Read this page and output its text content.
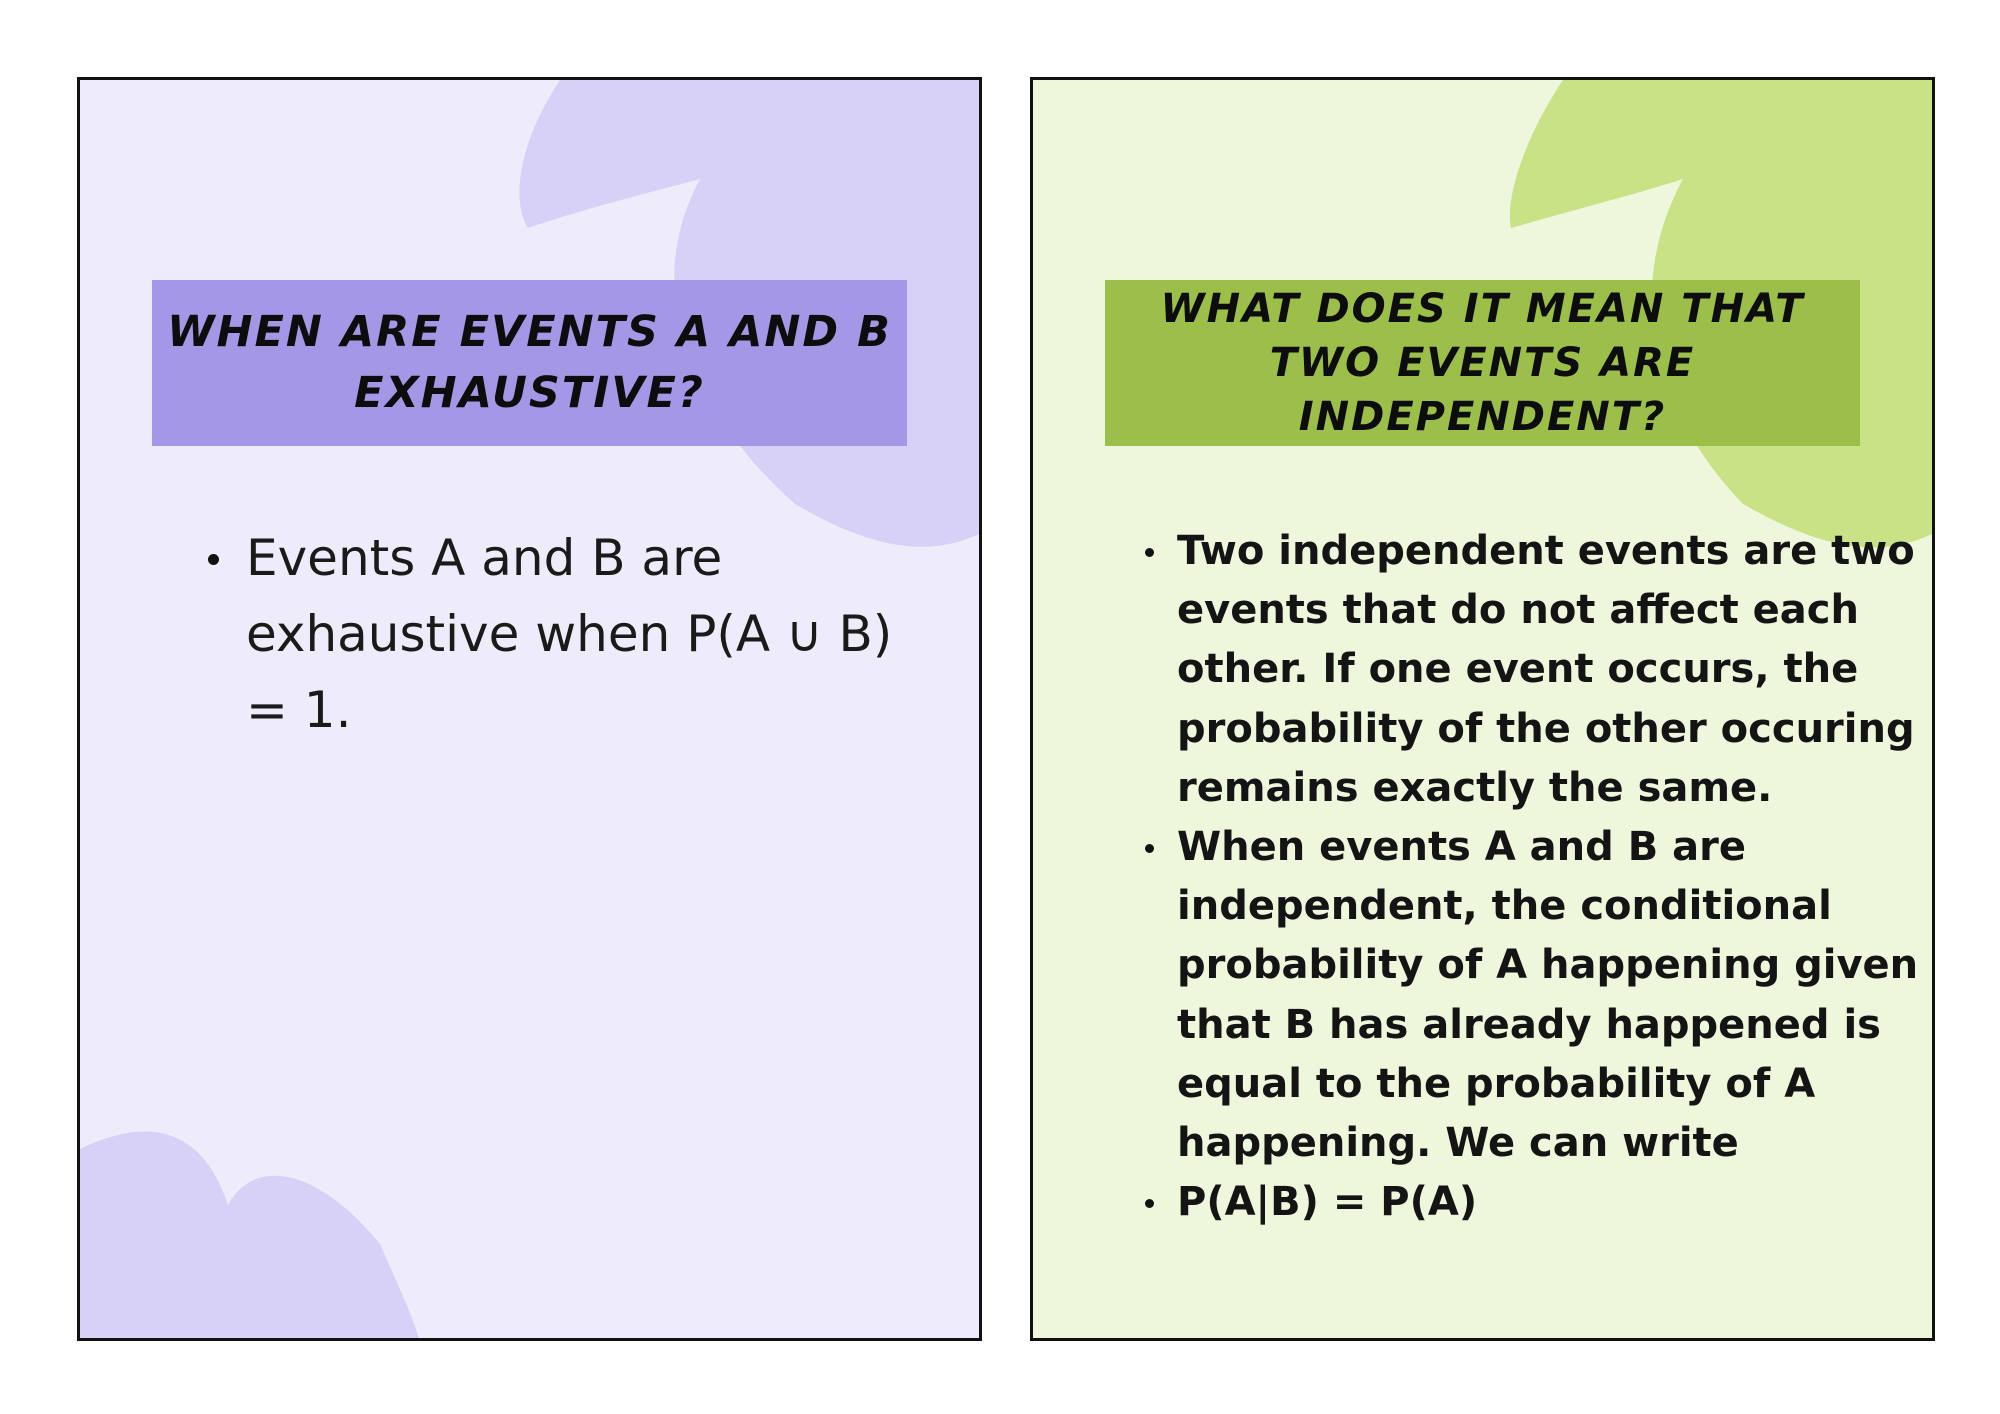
WHEN ARE EVENTS A AND B EXHAUSTIVE?
Events A and B are exhaustive when P(A ∪ B) = 1.
WHAT DOES IT MEAN THAT TWO EVENTS ARE INDEPENDENT?
Two independent events are two events that do not affect each other. If one event occurs, the probability of the other occuring remains exactly the same.
When events A and B are independent, the conditional probability of A happening given that B has already happened is equal to the probability of A happening. We can write
P(A|B) = P(A)
